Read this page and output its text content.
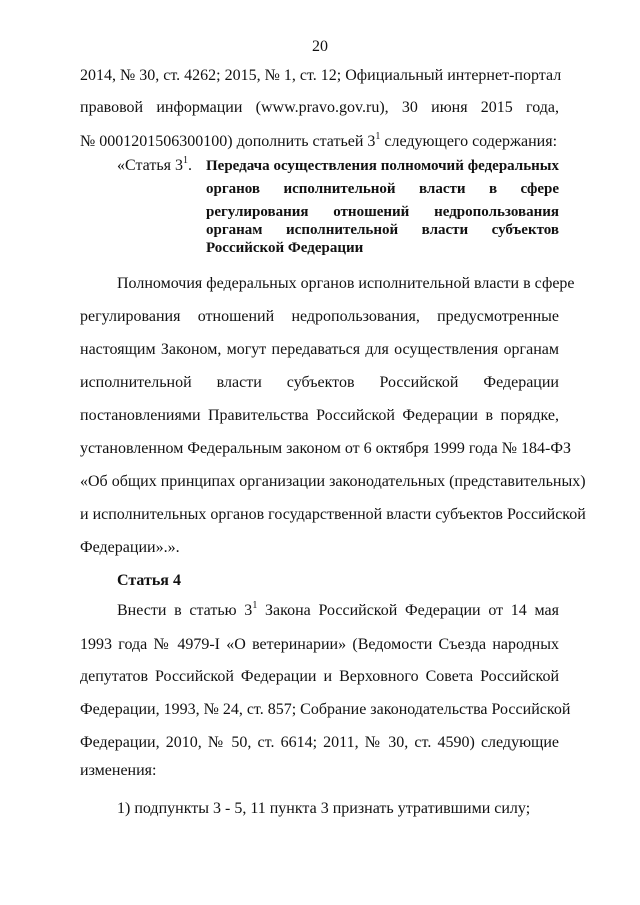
20
2014, № 30, ст. 4262; 2015, № 1, ст. 12; Официальный интернет-портал
правовой информации (www.pravo.gov.ru), 30 июня 2015 года,
№ 0001201506300100) дополнить статьей $3^1$ следующего содержания:
«Статья $3^1$. Передача осуществления полномочий федеральных
органов исполнительной власти в сфере
регулирования отношений недропользования
органам исполнительной власти субъектов
Российской Федерации
Полномочия федеральных органов исполнительной власти в сфере
регулирования отношений недропользования, предусмотренные
настоящим Законом, могут передаваться для осуществления органам
исполнительной власти субъектов Российской Федерации
постановлениями Правительства Российской Федерации в порядке,
установленном Федеральным законом от 6 октября 1999 года № 184-ФЗ
«Об общих принципах организации законодательных (представительных)
и исполнительных органов государственной власти субъектов Российской
Федерации».».
Статья 4
Внести в статью $3^1$ Закона Российской Федерации от 14 мая
1993 года № 4979-I «О ветеринарии» (Ведомости Съезда народных
депутатов Российской Федерации и Верховного Совета Российской
Федерации, 1993, № 24, ст. 857; Собрание законодательства Российской
Федерации, 2010, № 50, ст. 6614; 2011, № 30, ст. 4590) следующие
изменения:
1) подпункты 3 - 5, 11 пункта 3 признать утратившими силу;
